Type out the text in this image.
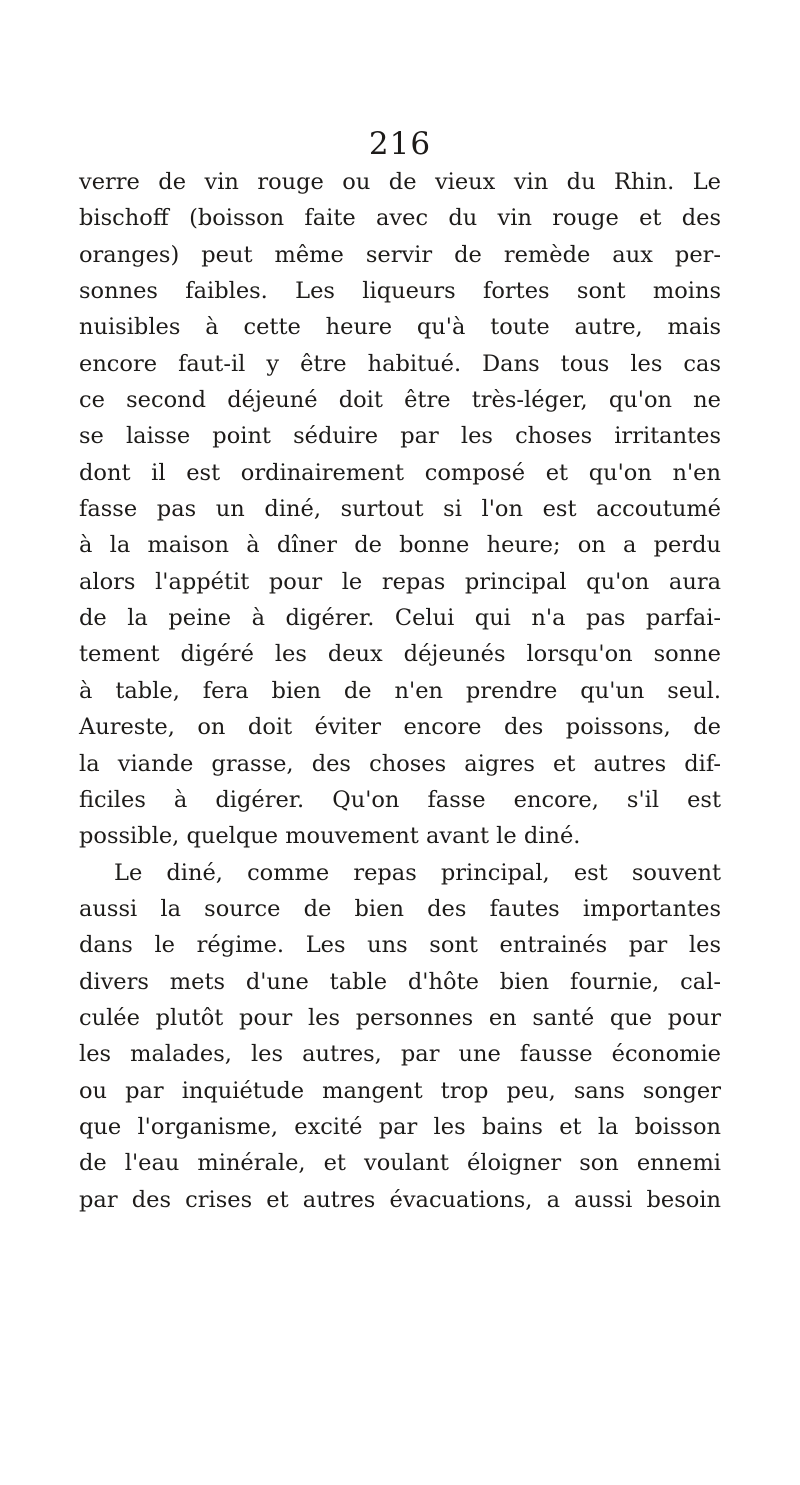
216
verre de vin rouge ou de vieux vin du Rhin. Le
bischoff (boisson faite avec du vin rouge et des
oranges) peut même servir de remède aux per-
sonnes faibles. Les liqueurs fortes sont moins
nuisibles à cette heure qu'à toute autre, mais
encore faut-il y être habitué. Dans tous les cas
ce second déjeuné doit être très-léger, qu'on ne
se laisse point séduire par les choses irritantes
dont il est ordinairement composé et qu'on n'en
fasse pas un diné, surtout si l'on est accoutumé
à la maison à dîner de bonne heure; on a perdu
alors l'appétit pour le repas principal qu'on aura
de la peine à digérer. Celui qui n'a pas parfai-
tement digéré les deux déjeunés lorsqu'on sonne
à table, fera bien de n'en prendre qu'un seul.
Aureste, on doit éviter encore des poissons, de
la viande grasse, des choses aigres et autres dif-
ficiles à digérer. Qu'on fasse encore, s'il est
possible, quelque mouvement avant le diné.
Le diné, comme repas principal, est souvent
aussi la source de bien des fautes importantes
dans le régime. Les uns sont entrainés par les
divers mets d'une table d'hôte bien fournie, cal-
culée plutôt pour les personnes en santé que pour
les malades, les autres, par une fausse économie
ou par inquiétude mangent trop peu, sans songer
que l'organisme, excité par les bains et la boisson
de l'eau minérale, et voulant éloigner son ennemi
par des crises et autres évacuations, a aussi besoin
